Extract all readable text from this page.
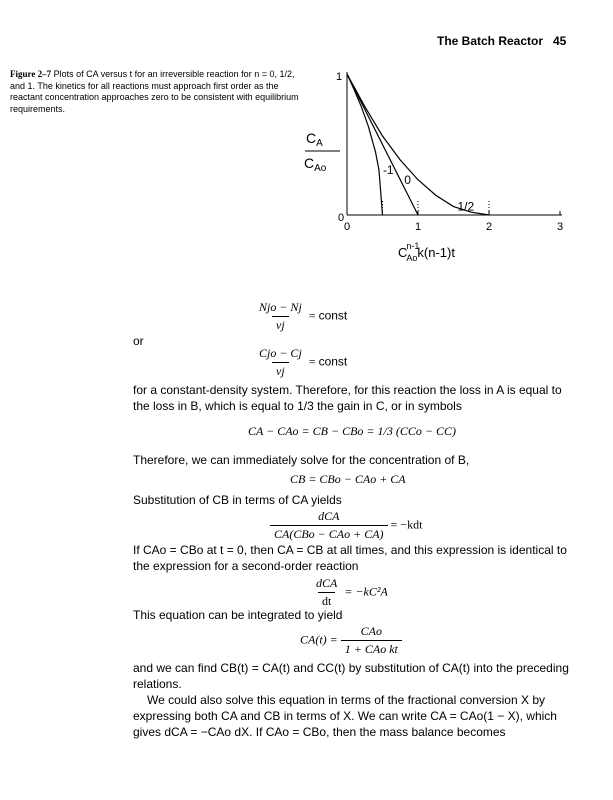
The Batch Reactor 45
Figure 2–7 Plots of CA versus t for an irreversible reaction for n = 0, 1/2, and 1. The kinetics for all reactions must approach first order as the reactant concentration approaches zero to be consistent with equilibrium requirements.
1
0
0	1	2	3
$C_A$
$C_{Ao}$
Cn-1 Aok(n-1)t
-1
0
1/2
$\frac{\text{Njo − Nj}}{\nu j}$ = const
or
$\frac{\text{Cjo − Cj}}{\nu j}$ = const
for a constant-density system. Therefore, for this reaction the loss in A is equal to the loss in B, which is equal to 1/3 the gain in C, or in symbols
CA − CAo = CB − CBo = 1/3 (CCo − CC)
Therefore, we can immediately solve for the concentration of B,
CB = CBo − CAo + CA
Substitution of CB in terms of CA yields
$\frac{\text{dCA}}{\text{CA(CBo − CAo + CA)}} = -kdt$
If CAo = CBo at t = 0, then CA = CB at all times, and this expression is identical to the expression for a second-order reaction
$\frac{\text{dCA}}{dt} = -kC^2A$
This equation can be integrated to yield
$CA(t) = \frac{\text{CAo}}{\text{1 + CAo kt}}$
and we can find CB(t) = CA(t) and CC(t) by substitution of CA(t) into the preceding relations.
We could also solve this equation in terms of the fractional conversion X by expressing both CA and CB in terms of X. We can write CA = CAo(1 − X), which gives dCA = −CAo dX. If CAo = CBo, then the mass balance becomes
